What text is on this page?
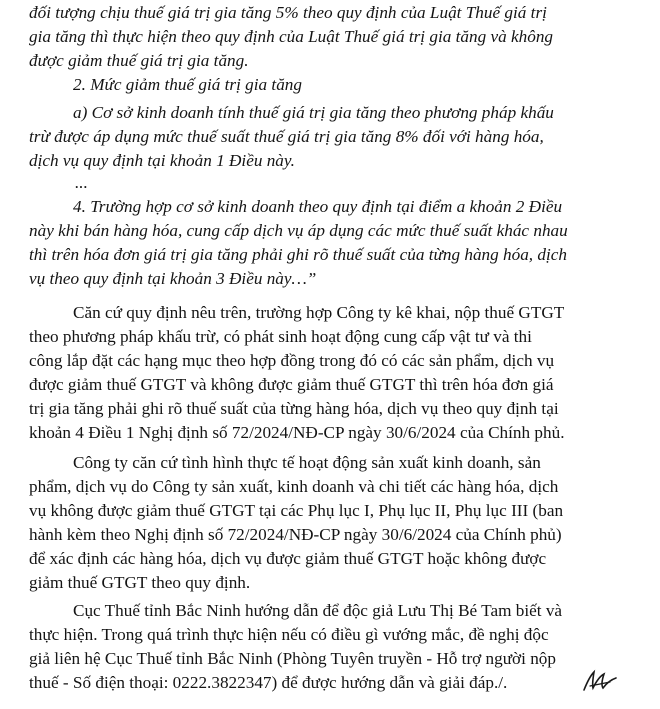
đối tượng chịu thuế giá trị gia tăng 5% theo quy định của Luật Thuế giá trị
gia tăng thì thực hiện theo quy định của Luật Thuế giá trị gia tăng và không
được giảm thuế giá trị gia tăng.
2. Mức giảm thuế giá trị gia tăng
a) Cơ sở kinh doanh tính thuế giá trị gia tăng theo phương pháp khấu
trừ được áp dụng mức thuế suất thuế giá trị gia tăng 8% đối với hàng hóa,
dịch vụ quy định tại khoản 1 Điều này.
...
4. Trường hợp cơ sở kinh doanh theo quy định tại điểm a khoản 2 Điều
này khi bán hàng hóa, cung cấp dịch vụ áp dụng các mức thuế suất khác nhau
thì trên hóa đơn giá trị gia tăng phải ghi rõ thuế suất của từng hàng hóa, dịch
vụ theo quy định tại khoản 3 Điều này…”
Căn cứ quy định nêu trên, trường hợp Công ty kê khai, nộp thuế GTGT
theo phương pháp khấu trừ, có phát sinh hoạt động cung cấp vật tư và thi
công lắp đặt các hạng mục theo hợp đồng trong đó có các sản phẩm, dịch vụ
được giảm thuế GTGT và không được giảm thuế GTGT thì trên hóa đơn giá
trị gia tăng phải ghi rõ thuế suất của từng hàng hóa, dịch vụ theo quy định tại
khoản 4 Điều 1 Nghị định số 72/2024/NĐ-CP ngày 30/6/2024 của Chính phủ.
Công ty căn cứ tình hình thực tế hoạt động sản xuất kinh doanh, sản
phẩm, dịch vụ do Công ty sản xuất, kinh doanh và chi tiết các hàng hóa, dịch
vụ không được giảm thuế GTGT tại các Phụ lục I, Phụ lục II, Phụ lục III (ban
hành kèm theo Nghị định số 72/2024/NĐ-CP ngày 30/6/2024 của Chính phủ)
để xác định các hàng hóa, dịch vụ được giảm thuế GTGT hoặc không được
giảm thuế GTGT theo quy định.
Cục Thuế tỉnh Bắc Ninh hướng dẫn để độc giả Lưu Thị Bé Tam biết và
thực hiện. Trong quá trình thực hiện nếu có điều gì vướng mắc, đề nghị độc
giả liên hệ Cục Thuế tỉnh Bắc Ninh (Phòng Tuyên truyền - Hỗ trợ người nộp
thuế - Số điện thoại: 0222.3822347) để được hướng dẫn và giải đáp./.
